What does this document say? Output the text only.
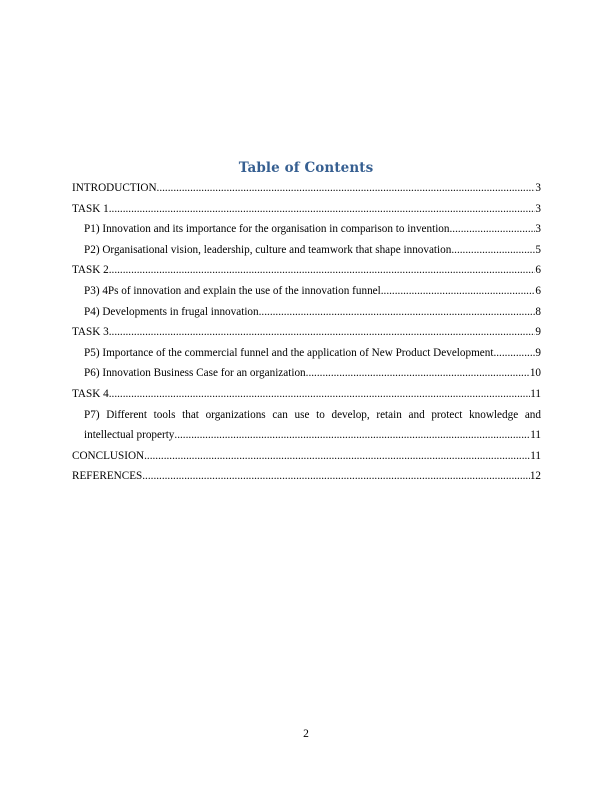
Table of Contents
INTRODUCTION .....	3
TASK 1 .....	3
P1) Innovation and its importance for the organisation in comparison to invention .....	3
P2) Organisational vision, leadership, culture and teamwork that shape innovation .....	5
TASK 2 .....	6
P3) 4Ps of innovation and explain the use of the innovation funnel .....	6
P4) Developments in frugal innovation .....	8
TASK 3 .....	9
P5) Importance of the commercial funnel and the application of New Product Development .....	9
P6) Innovation Business Case for an organization .....	10
TASK 4 .....	11
P7) Different tools that organizations can use to develop, retain and protect knowledge and
intellectual property .....	11
CONCLUSION .....	11
REFERENCES .....	12
2
